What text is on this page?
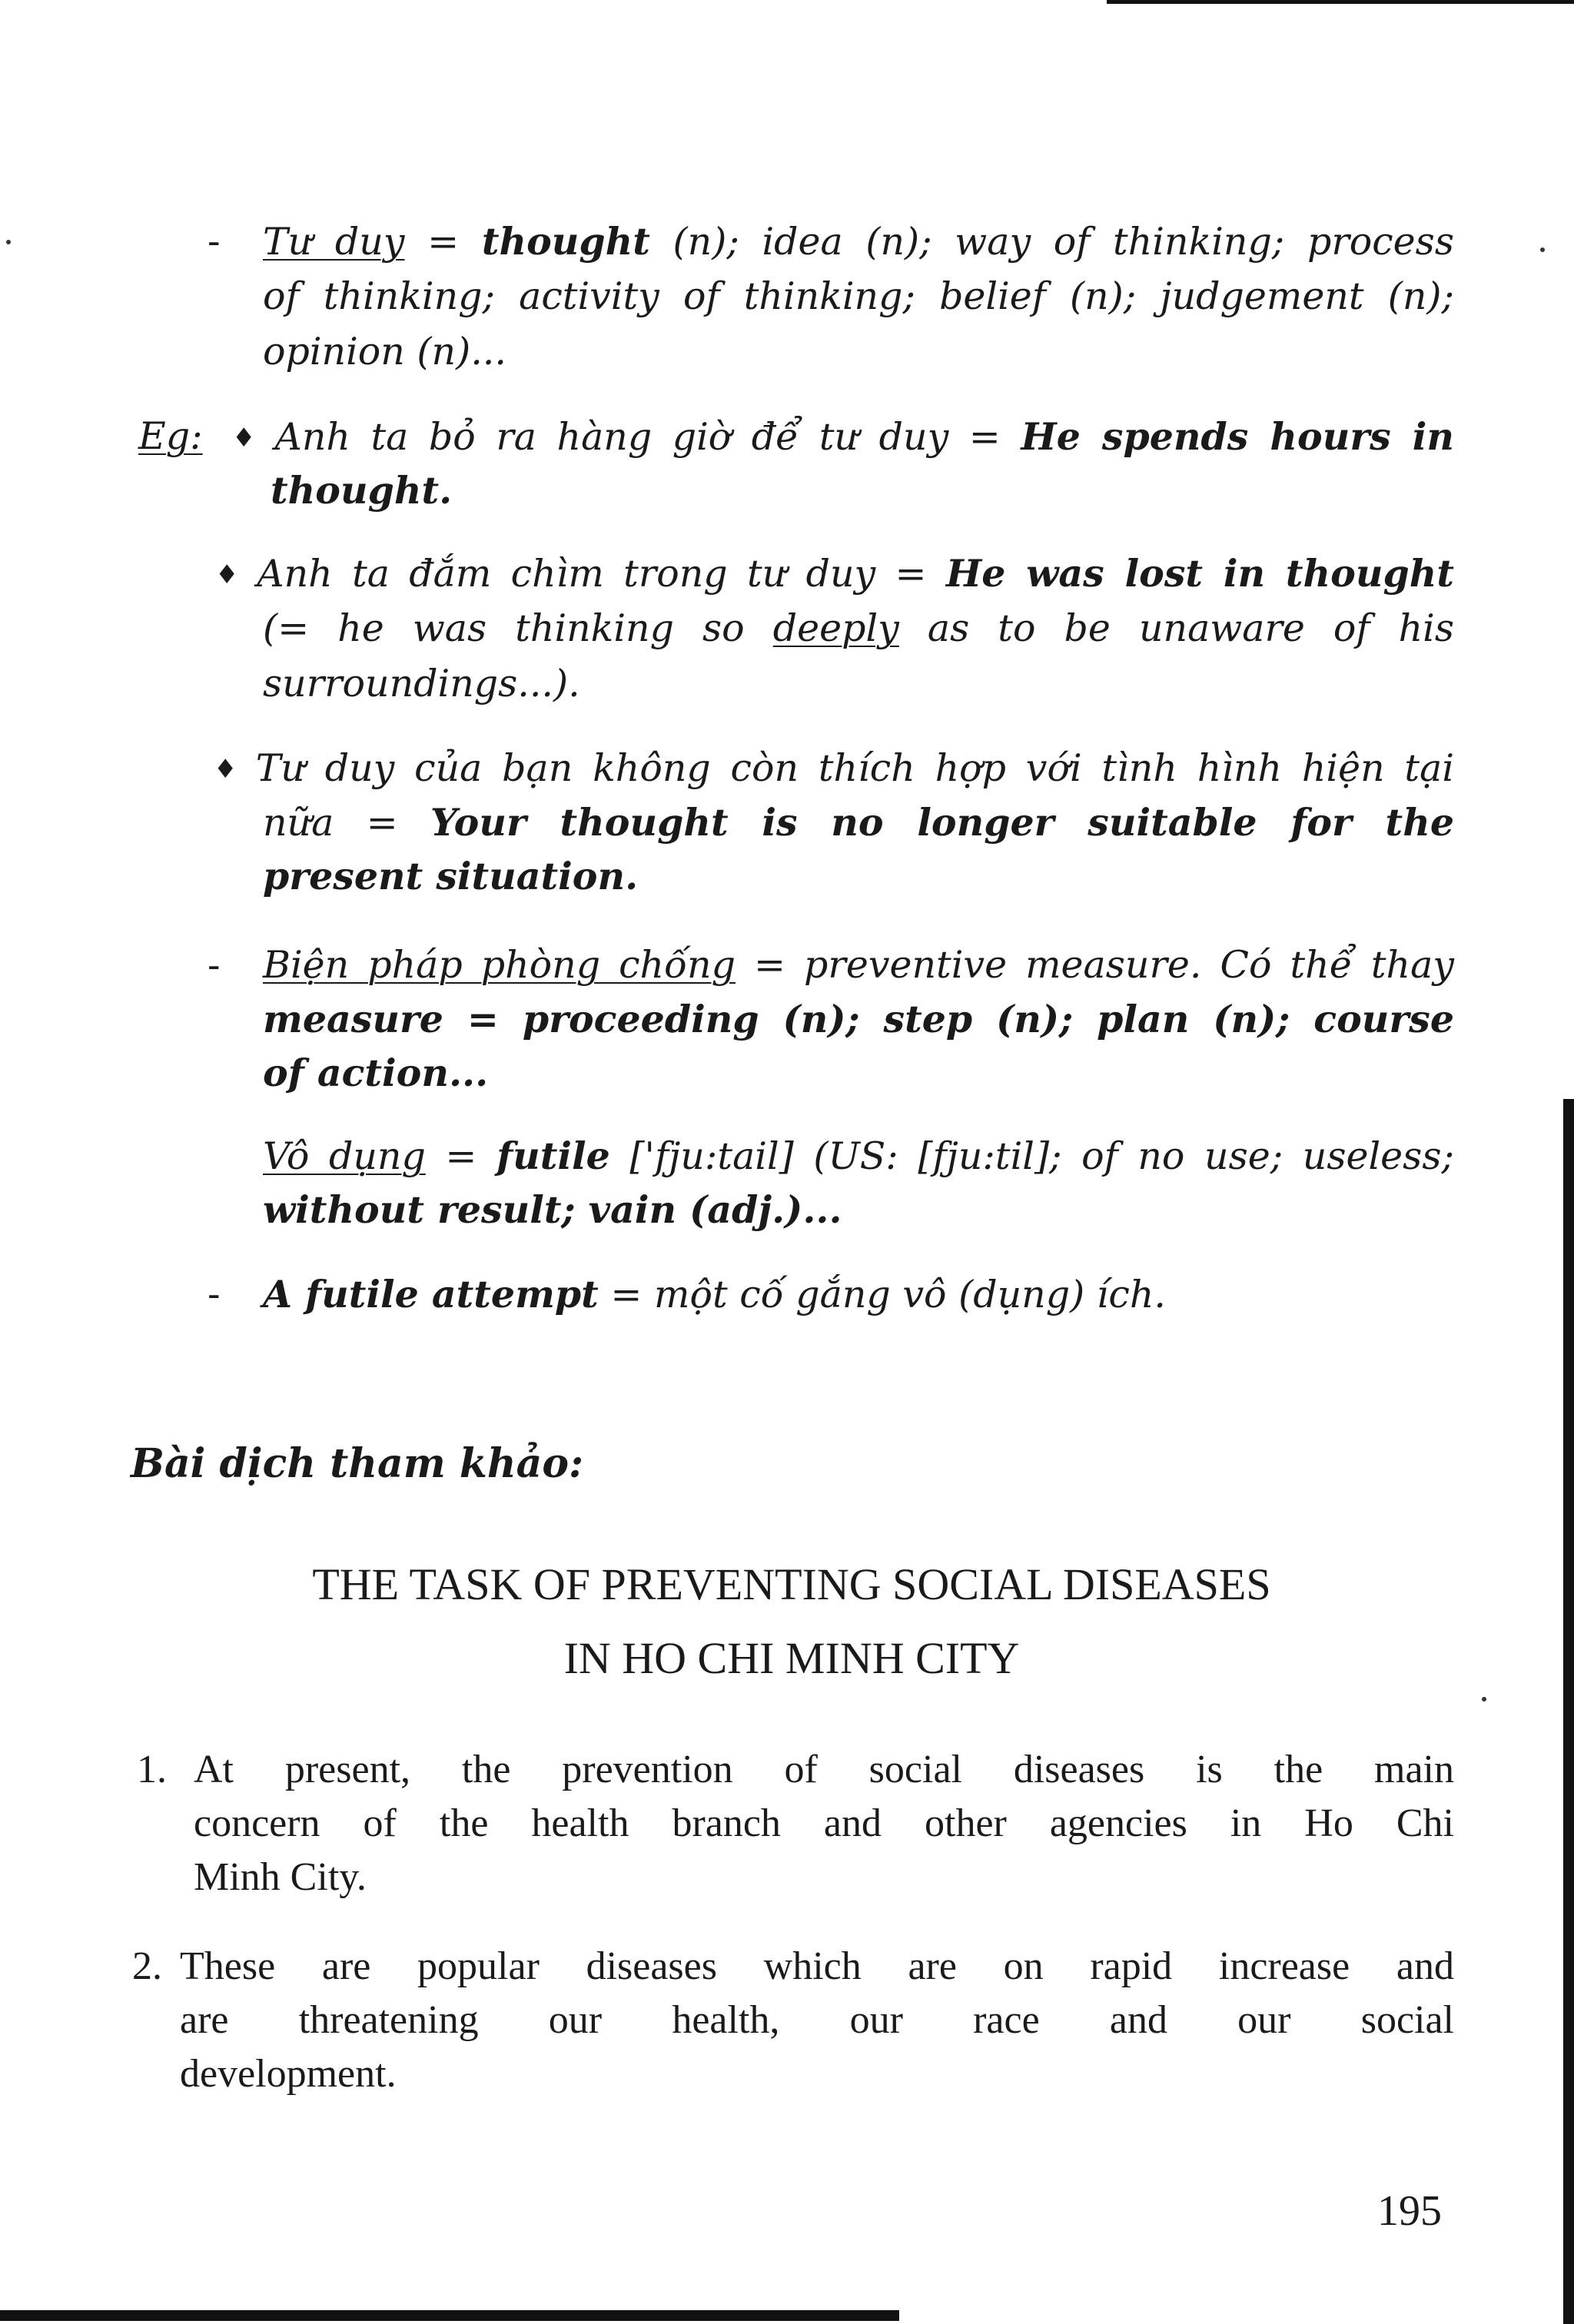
- Tư duy = thought (n); idea (n); way of thinking; process
of thinking; activity of thinking; belief (n); judgement (n);
opinion (n)...
Eg: ♦ Anh ta bỏ ra hàng giờ để tư duy = He spends hours in
thought.
♦ Anh ta đắm chìm trong tư duy = He was lost in thought
(= he was thinking so deeply as to be unaware of his
surroundings...).
♦ Tư duy của bạn không còn thích hợp với tình hình hiện tại
nữa = Your thought is no longer suitable for the
present situation.
- Biện pháp phòng chống = preventive measure. Có thể thay
measure = proceeding (n); step (n); plan (n); course
of action...
Vô dụng = futile ['fju:tail] (US: [fju:til]; of no use; useless;
without result; vain (adj.)...
- A futile attempt = một cố gắng vô (dụng) ích.
Bài dịch tham khảo:
THE TASK OF PREVENTING SOCIAL DISEASES
IN HO CHI MINH CITY
1. At present, the prevention of social diseases is the main
concern of the health branch and other agencies in Ho Chi
Minh City.
2. These are popular diseases which are on rapid increase and
are threatening our health, our race and our social
development.
195
